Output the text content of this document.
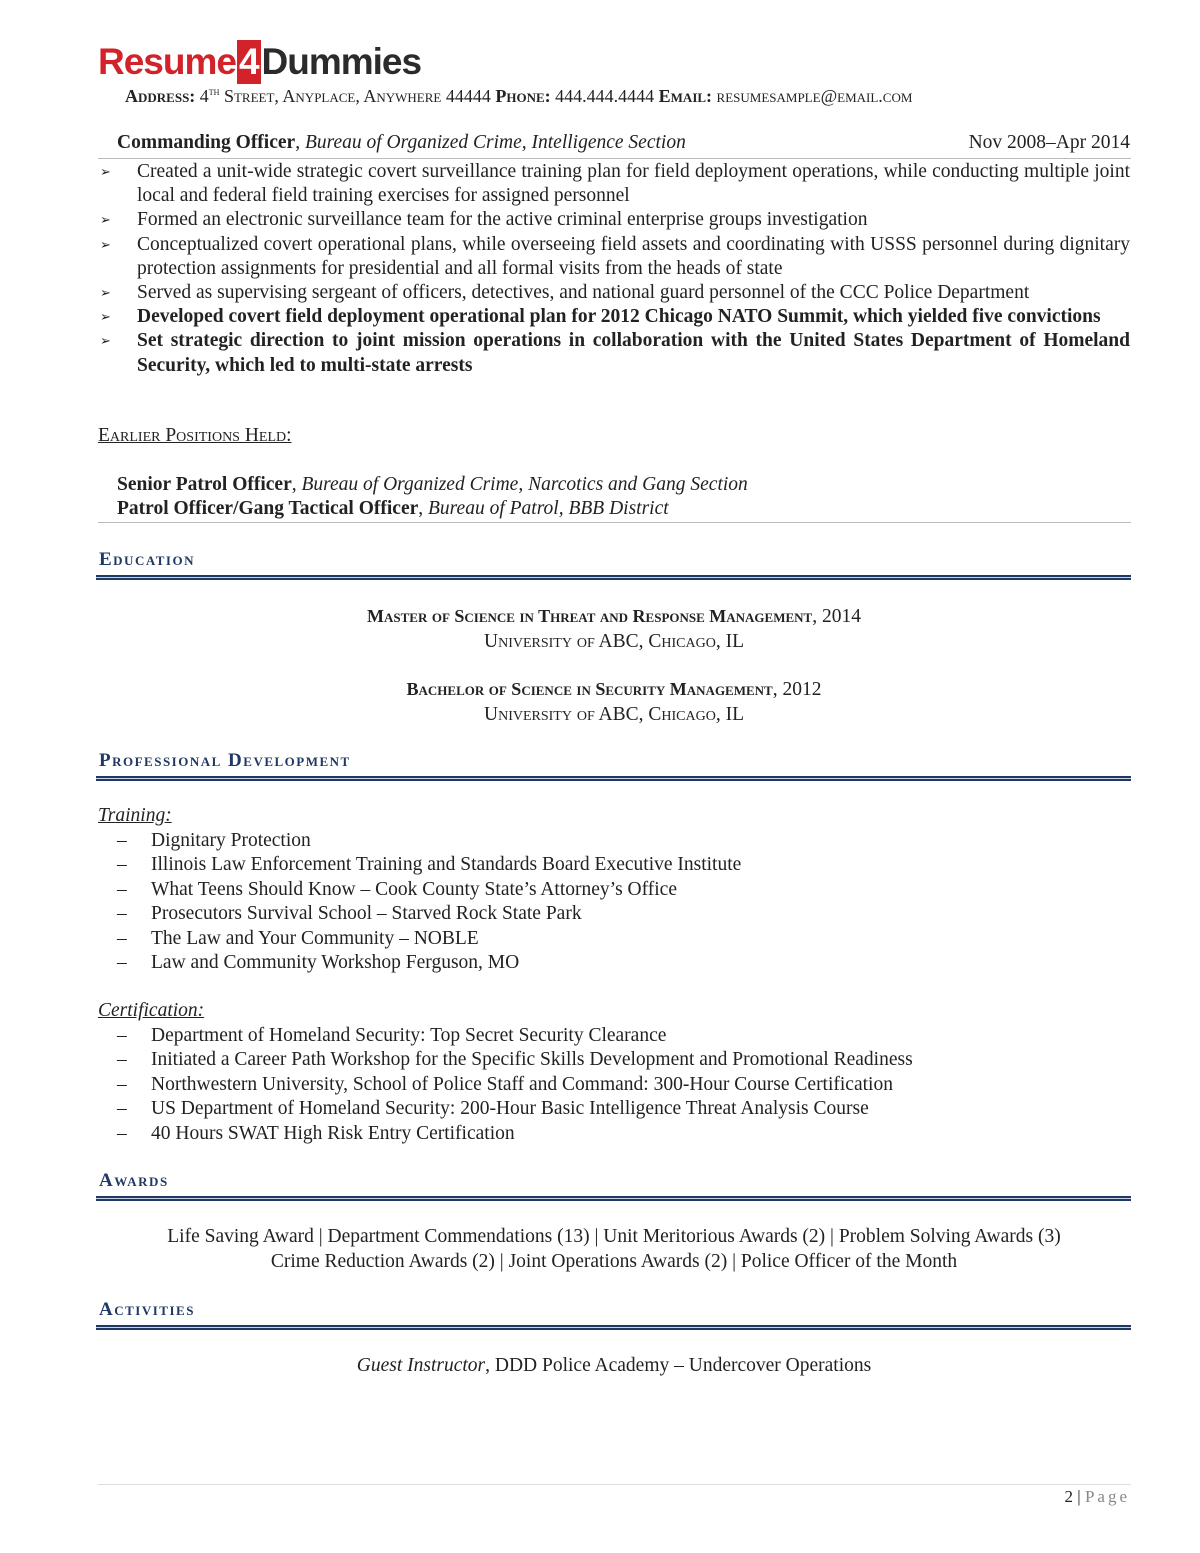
Resume4Dummies
Address: 4th Street, Anyplace, Anywhere 44444 Phone: 444.444.4444 Email: resumesample@email.com
Commanding Officer, Bureau of Organized Crime, Intelligence Section	Nov 2008–Apr 2014
➢	Created a unit-wide strategic covert surveillance training plan for field deployment operations, while conducting multiple joint local and federal field training exercises for assigned personnel
➢	Formed an electronic surveillance team for the active criminal enterprise groups investigation
➢	Conceptualized covert operational plans, while overseeing field assets and coordinating with USSS personnel during dignitary protection assignments for presidential and all formal visits from the heads of state
➢	Served as supervising sergeant of officers, detectives, and national guard personnel of the CCC Police Department
➢	Developed covert field deployment operational plan for 2012 Chicago NATO Summit, which yielded five convictions
➢	Set strategic direction to joint mission operations in collaboration with the United States Department of Homeland Security, which led to multi-state arrests
Earlier Positions Held:
Senior Patrol Officer, Bureau of Organized Crime, Narcotics and Gang Section
Patrol Officer/Gang Tactical Officer, Bureau of Patrol, BBB District
Education
Master of Science in Threat and Response Management, 2014
University of ABC, Chicago, IL
Bachelor of Science in Security Management, 2012
University of ABC, Chicago, IL
Professional Development
Training:
–	Dignitary Protection
–	Illinois Law Enforcement Training and Standards Board Executive Institute
–	What Teens Should Know – Cook County State’s Attorney’s Office
–	Prosecutors Survival School – Starved Rock State Park
–	The Law and Your Community – NOBLE
–	Law and Community Workshop Ferguson, MO
Certification:
–	Department of Homeland Security: Top Secret Security Clearance
–	Initiated a Career Path Workshop for the Specific Skills Development and Promotional Readiness
–	Northwestern University, School of Police Staff and Command: 300-Hour Course Certification
–	US Department of Homeland Security: 200-Hour Basic Intelligence Threat Analysis Course
–	40 Hours SWAT High Risk Entry Certification
Awards
Life Saving Award | Department Commendations (13) | Unit Meritorious Awards (2) | Problem Solving Awards (3)
Crime Reduction Awards (2) | Joint Operations Awards (2) | Police Officer of the Month
Activities
Guest Instructor, DDD Police Academy – Undercover Operations
2 | Page
